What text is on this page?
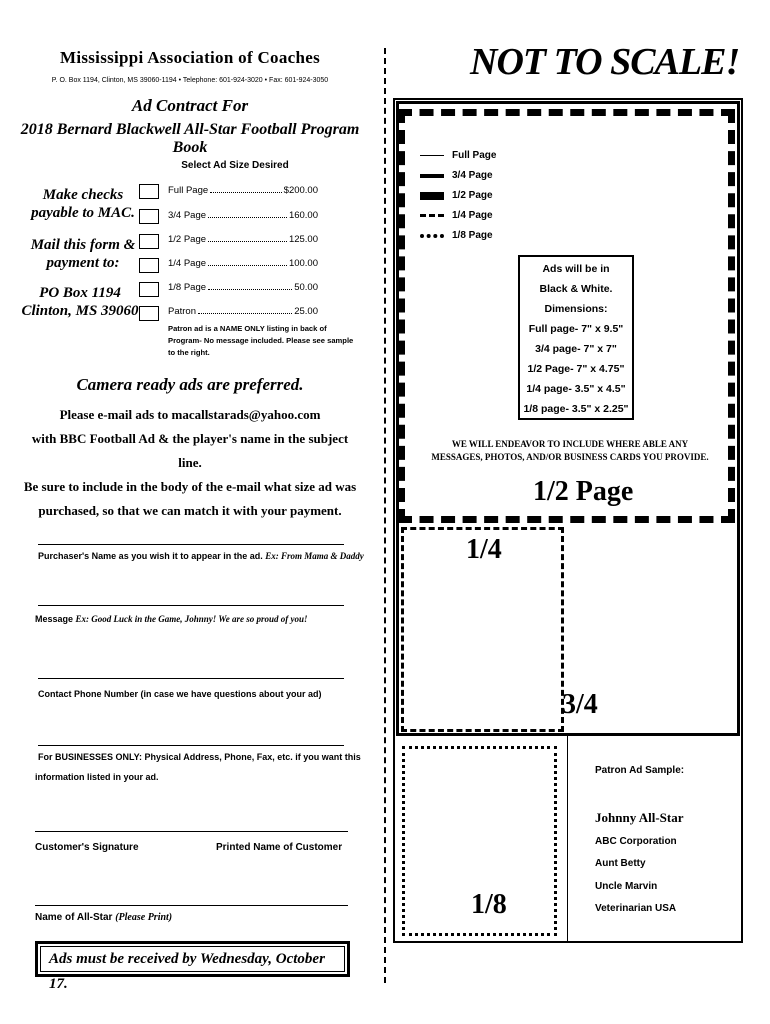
Mississippi Association of Coaches
P. O. Box 1194, Clinton, MS 39060-1194 • Telephone: 601-924-3020 • Fax: 601-924-3050
Ad Contract For
2018 Bernard Blackwell All-Star Football Program Book
Select Ad Size Desired
Make checks payable to MAC.
Mail this form & payment to:
PO Box 1194 Clinton, MS 39060
Full Page	$200.00
3/4 Page	160.00
1/2 Page	125.00
1/4 Page	100.00
1/8 Page	50.00
Patron	25.00
Patron ad is a NAME ONLY listing in back of Program- No message included. Please see sample to the right.
Camera ready ads are preferred.
Please e-mail ads to macallstarads@yahoo.com
with BBC Football Ad & the player's name in the subject line.
Be sure to include in the body of the e-mail what size ad was
purchased, so that we can match it with your payment.
Purchaser's Name as you wish it to appear in the ad. Ex: From Mama & Daddy
Message Ex: Good Luck in the Game, Johnny! We are so proud of you!
Contact Phone Number (in case we have questions about your ad)
For BUSINESSES ONLY: Physical Address, Phone, Fax, etc. if you want this
information listed in your ad.
Customer's Signature	Printed Name of Customer
Name of All-Star (Please Print)
Ads must be received by Wednesday, October 17.
NOT TO SCALE!
Full Page
3/4 Page
1/2 Page
1/4 Page
1/8 Page
Ads will be in
Black & White.
Dimensions:
Full page- 7" x 9.5"
3/4 page- 7" x 7"
1/2 Page- 7" x 4.75"
1/4 page- 3.5" x 4.5"
1/8 page- 3.5" x 2.25"
WE WILL ENDEAVOR TO INCLUDE WHERE ABLE ANY
MESSAGES, PHOTOS, AND/OR BUSINESS CARDS YOU PROVIDE.
1/2 Page
1/4
3/4
1/8
Patron Ad Sample:
Johnny All-Star
ABC Corporation
Aunt Betty
Uncle Marvin
Veterinarian USA
